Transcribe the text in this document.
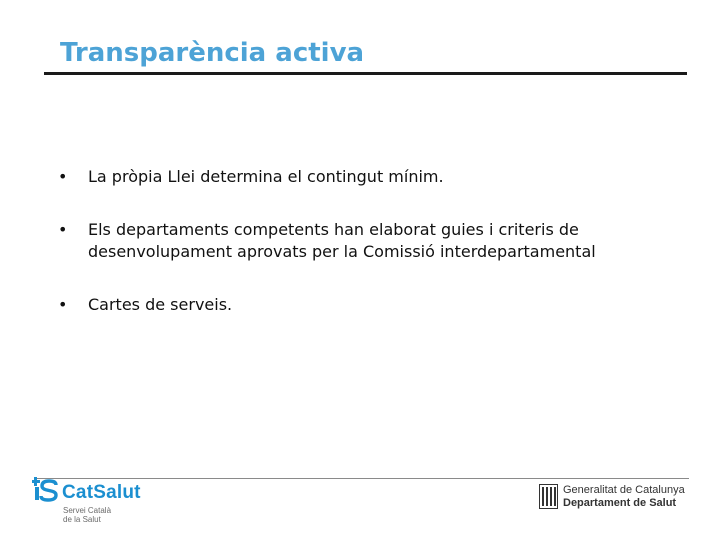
Transparència activa
• La pròpia Llei determina el contingut mínim.
• Els departaments competents han elaborat guies i criteris de desenvolupament aprovats per la Comissió interdepartamental
• Cartes de serveis.
CatSalut
Servei Català
de la Salut
Generalitat de Catalunya
Departament de Salut
